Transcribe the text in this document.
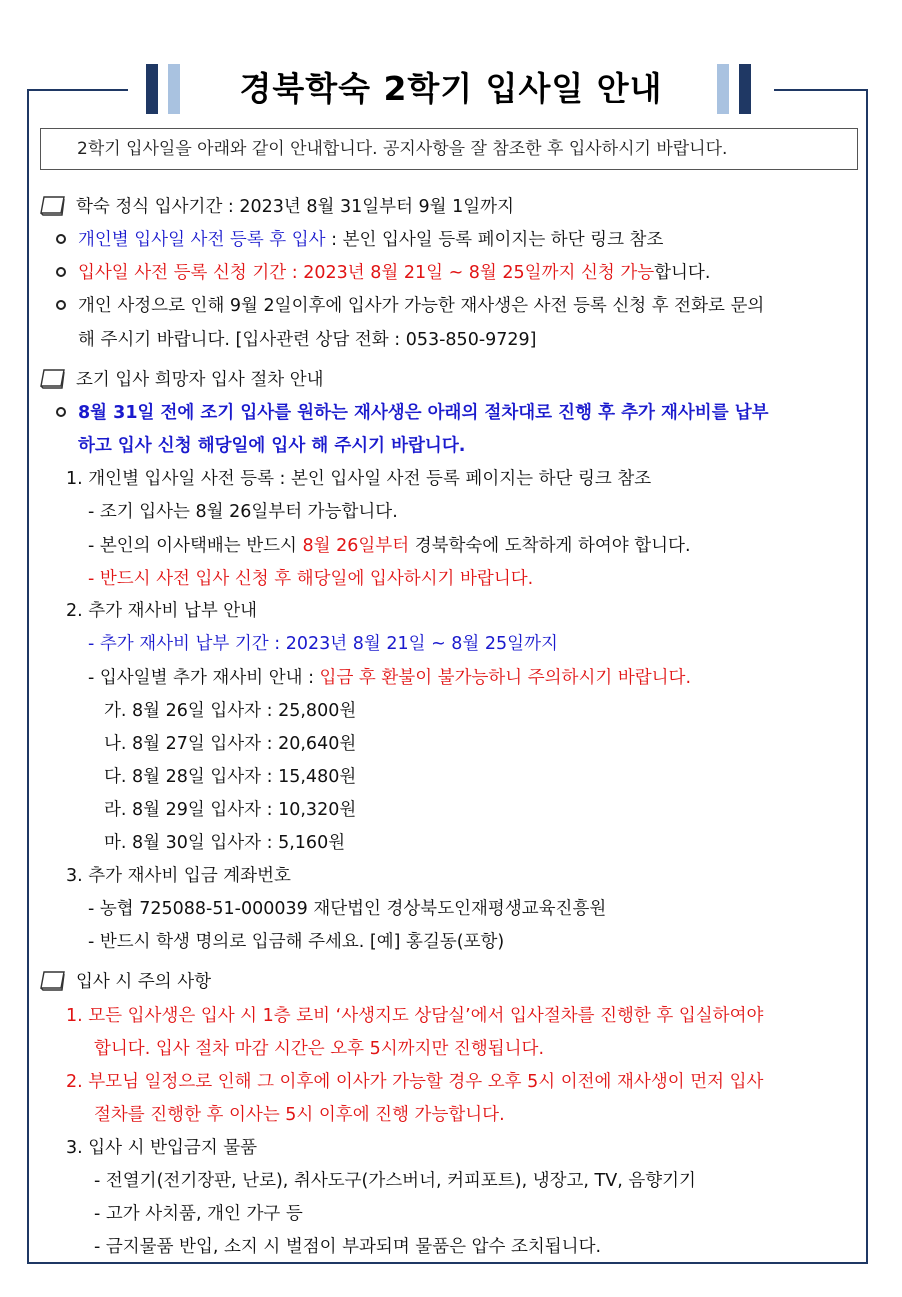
경북학숙 2학기 입사일 안내
2학기 입사일을 아래와 같이 안내합니다. 공지사항을 잘 참조한 후 입사하시기 바랍니다.
학숙 정식 입사기간 : 2023년 8월 31일부터 9월 1일까지
개인별 입사일 사전 등록 후 입사 : 본인 입사일 등록 페이지는 하단 링크 참조
입사일 사전 등록 신청 기간 : 2023년 8월 21일 ~ 8월 25일까지 신청 가능합니다.
개인 사정으로 인해 9월 2일이후에 입사가 가능한 재사생은 사전 등록 신청 후 전화로 문의
해 주시기 바랍니다. [입사관련 상담 전화 : 053-850-9729]
조기 입사 희망자 입사 절차 안내
8월 31일 전에 조기 입사를 원하는 재사생은 아래의 절차대로 진행 후 추가 재사비를 납부
하고 입사 신청 해당일에 입사 해 주시기 바랍니다.
1. 개인별 입사일 사전 등록 : 본인 입사일 사전 등록 페이지는 하단 링크 참조
- 조기 입사는 8월 26일부터 가능합니다.
- 본인의 이사택배는 반드시 8월 26일부터 경북학숙에 도착하게 하여야 합니다.
- 반드시 사전 입사 신청 후 해당일에 입사하시기 바랍니다.
2. 추가 재사비 납부 안내
- 추가 재사비 납부 기간 : 2023년 8월 21일 ~ 8월 25일까지
- 입사일별 추가 재사비 안내 : 입금 후 환불이 불가능하니 주의하시기 바랍니다.
가. 8월 26일 입사자 : 25,800원
나. 8월 27일 입사자 : 20,640원
다. 8월 28일 입사자 : 15,480원
라. 8월 29일 입사자 : 10,320원
마. 8월 30일 입사자 : 5,160원
3. 추가 재사비 입금 계좌번호
- 농협 725088-51-000039 재단법인 경상북도인재평생교육진흥원
- 반드시 학생 명의로 입금해 주세요. [예] 홍길동(포항)
입사 시 주의 사항
1. 모든 입사생은 입사 시 1층 로비 ‘사생지도 상담실’에서 입사절차를 진행한 후 입실하여야
합니다. 입사 절차 마감 시간은 오후 5시까지만 진행됩니다.
2. 부모님 일정으로 인해 그 이후에 이사가 가능할 경우 오후 5시 이전에 재사생이 먼저 입사
절차를 진행한 후 이사는 5시 이후에 진행 가능합니다.
3. 입사 시 반입금지 물품
- 전열기(전기장판, 난로), 취사도구(가스버너, 커피포트), 냉장고, TV, 음향기기
- 고가 사치품, 개인 가구 등
- 금지물품 반입, 소지 시 벌점이 부과되며 물품은 압수 조치됩니다.
